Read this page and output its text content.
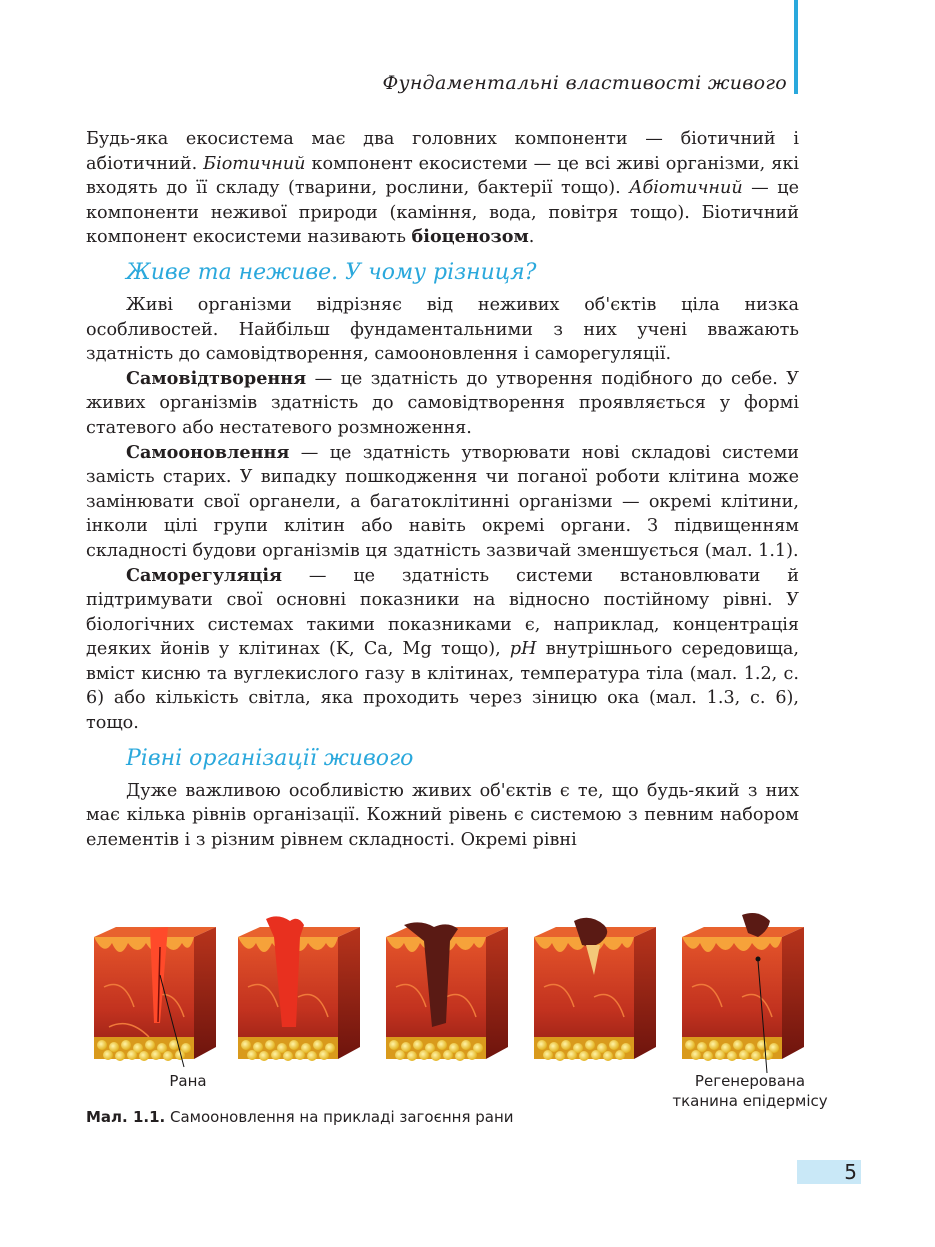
Фундаментальні властивості живого

Будь-яка екосистема має два головних компоненти — біотичний і абіотичний. Біотичний компонент екосистеми — це всі живі організми, які входять до її складу (тварини, рослини, бактерії тощо). Абіотичний — це компоненти неживої природи (каміння, вода, повітря тощо). Біотичний компонент екосистеми називають біоценозом.

Живе та неживе. У чому різниця?

Живі організми відрізняє від неживих об'єктів ціла низка особливостей. Найбільш фундаментальними з них учені вважають здатність до самовідтворення, самооновлення і саморегуляції.

Самовідтворення — це здатність до утворення подібного до себе. У живих організмів здатність до самовідтворення проявляється у формі статевого або нестатевого розмноження.

Самооновлення — це здатність утворювати нові складові системи замість старих. У випадку пошкодження чи поганої роботи клітина може замінювати свої органели, а багатоклітинні організми — окремі клітини, інколи цілі групи клітин або навіть окремі органи. З підвищенням складності будови організмів ця здатність зазвичай зменшується (мал. 1.1).

Саморегуляція — це здатність системи встановлювати й підтримувати свої основні показники на відносно постійному рівні. У біологічних системах такими показниками є, наприклад, концентрація деяких йонів у клітинах (K, Ca, Mg тощо), pH внутрішнього середовища, вміст кисню та вуглекислого газу в клітинах, температура тіла (мал. 1.2, с. 6) або кількість світла, яка проходить через зіницю ока (мал. 1.3, с. 6), тощо.

Рівні організації живого

Дуже важливою особливістю живих об'єктів є те, що будь-який з них має кілька рівнів організації. Кожний рівень є системою з певним набором елементів і з різним рівнем складності. Окремі рівні

Рана	Регенерована
тканина епідермісу
Мал. 1.1. Самооновлення на прикладі загоєння рани
5
